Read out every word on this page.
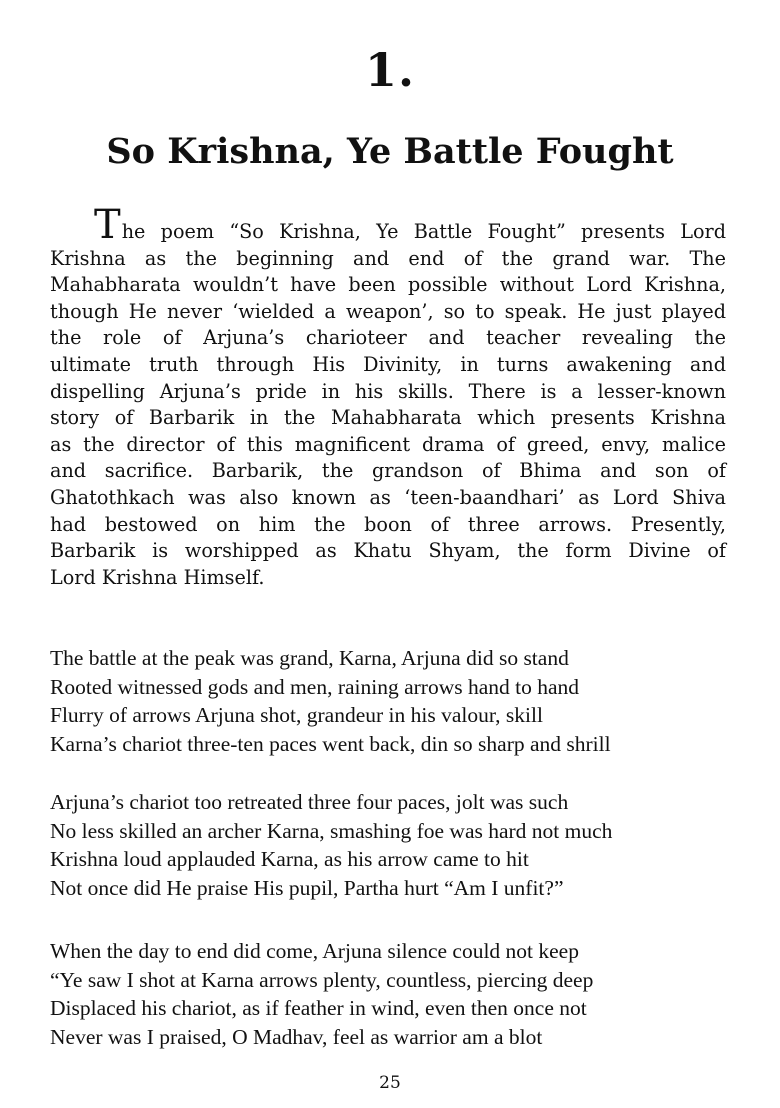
1.
So Krishna, Ye Battle Fought
The poem “So Krishna, Ye Battle Fought” presents Lord
Krishna as the beginning and end of the grand war. The
Mahabharata wouldn’t have been possible without Lord Krishna,
though He never ‘wielded a weapon’, so to speak. He just played
the role of Arjuna’s charioteer and teacher revealing the
ultimate truth through His Divinity, in turns awakening and
dispelling Arjuna’s pride in his skills. There is a lesser-known
story of Barbarik in the Mahabharata which presents Krishna
as the director of this magnificent drama of greed, envy, malice
and sacrifice. Barbarik, the grandson of Bhima and son of
Ghatothkach was also known as ‘teen-baandhari’ as Lord Shiva
had bestowed on him the boon of three arrows. Presently,
Barbarik is worshipped as Khatu Shyam, the form Divine of
Lord Krishna Himself.
The battle at the peak was grand, Karna, Arjuna did so stand
Rooted witnessed gods and men, raining arrows hand to hand
Flurry of arrows Arjuna shot, grandeur in his valour, skill
Karna’s chariot three-ten paces went back, din so sharp and shrill
Arjuna’s chariot too retreated three four paces, jolt was such
No less skilled an archer Karna, smashing foe was hard not much
Krishna loud applauded Karna, as his arrow came to hit
Not once did He praise His pupil, Partha hurt “Am I unfit?”
When the day to end did come, Arjuna silence could not keep
“Ye saw I shot at Karna arrows plenty, countless, piercing deep
Displaced his chariot, as if feather in wind, even then once not
Never was I praised, O Madhav, feel as warrior am a blot
25
